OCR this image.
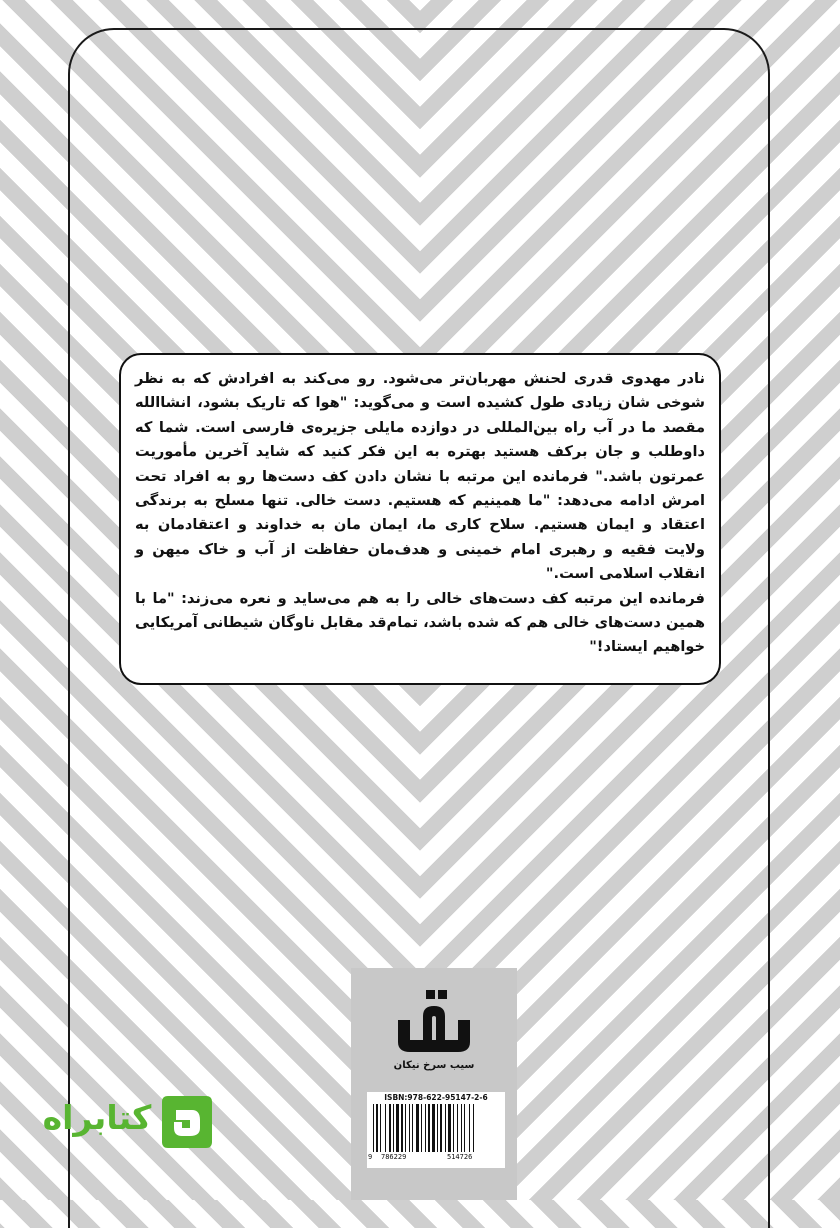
نادر مهدوی قدری لحنش مهربان‌تر می‌شود. رو می‌کند به افرادش که به نظر شوخی شان زیادی طول کشیده است و می‌گوید: "هوا که تاریک بشود، انشاالله مقصد ما در آب راه بین‌المللی در دوازده مایلی جزیره‌ی فارسی است. شما که داوطلب و جان برکف هستید بهتره به این فکر کنید که شاید آخرین مأموریت عمرتون باشد." فرمانده این مرتبه با نشان دادن کف دست‌ها رو به افراد تحت امرش ادامه می‌دهد: "ما همینیم که هستیم. دست خالی. تنها مسلح به برندگی اعتقاد و ایمان هستیم. سلاح کاری ما، ایمان مان به خداوند و اعتقادمان به ولایت فقیه و رهبری امام خمینی و هدف‌مان حفاظت از آب و خاک میهن و انقلاب اسلامی است."

فرمانده این مرتبه کف دست‌های خالی را به هم می‌ساید و نعره می‌زند: "ما با همین دست‌های خالی هم که شده باشد، تمام‌قد مقابل ناوگان شیطانی آمریکایی خواهیم ایستاد!"

سیب سرخ نیکان
ISBN:978-622-95147-2-6
9 786229	514726
کتابراه
